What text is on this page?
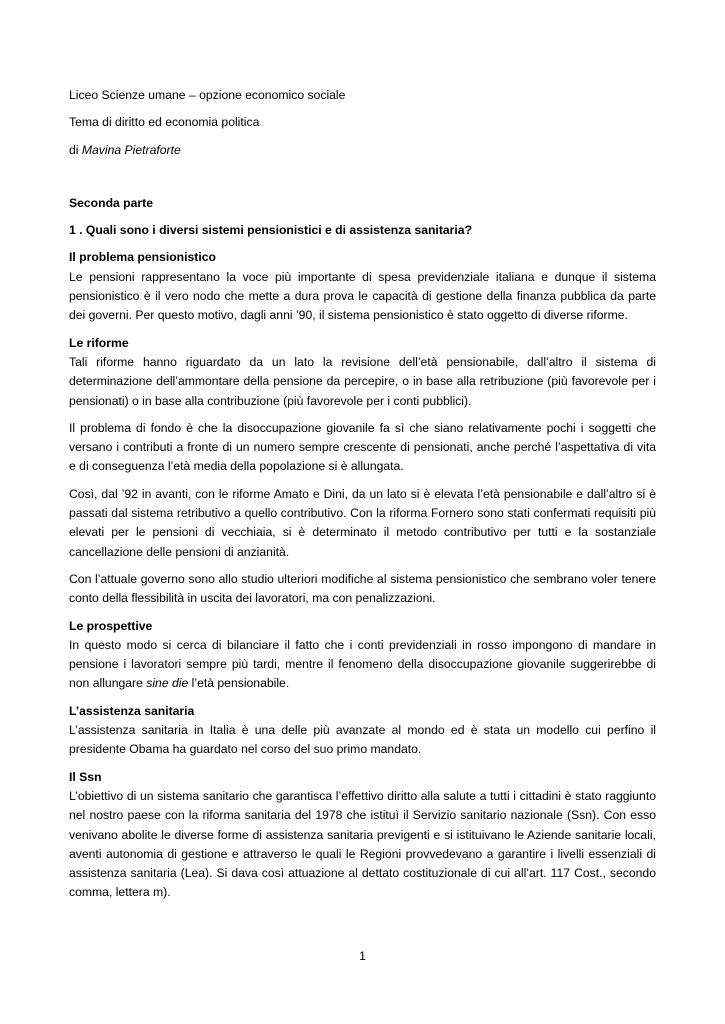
Liceo Scienze umane – opzione economico sociale
Tema di diritto ed economia politica
di Mavina Pietraforte
Seconda parte
1 . Quali sono i diversi sistemi pensionistici e di assistenza sanitaria?
Il problema pensionistico

Le pensioni rappresentano la voce più importante di spesa previdenziale italiana e dunque il sistema pensionistico è il vero nodo che mette a dura prova le capacità di gestione della finanza pubblica da parte dei governi. Per questo motivo, dagli anni ’90, il sistema pensionistico è stato oggetto di diverse riforme.

Le riforme

Tali riforme hanno riguardato da un lato la revisione dell’età pensionabile, dall’altro il sistema di determinazione dell’ammontare della pensione da percepire, o in base alla retribuzione (più favorevole per i pensionati) o in base alla contribuzione (più favorevole per i conti pubblici).

Il problema di fondo è che la disoccupazione giovanile fa sì che siano relativamente pochi i soggetti che versano i contributi a fronte di un numero sempre crescente di pensionati, anche perché l’aspettativa di vita e di conseguenza l’età media della popolazione si è allungata.

Così, dal ’92 in avanti, con le riforme Amato e Dini, da un lato si è elevata l’età pensionabile e dall’altro si è passati dal sistema retributivo a quello contributivo. Con la riforma Fornero sono stati confermati requisiti più elevati per le pensioni di vecchiaia, si è determinato il metodo contributivo per tutti e la sostanziale cancellazione delle pensioni di anzianità.

Con l’attuale governo sono allo studio ulteriori modifiche al sistema pensionistico che sembrano voler tenere conto della flessibilità in uscita dei lavoratori, ma con penalizzazioni.

Le prospettive

In questo modo si cerca di bilanciare il fatto che i conti previdenziali in rosso impongono di mandare in pensione i lavoratori sempre più tardi, mentre il fenomeno della disoccupazione giovanile suggerirebbe di non allungare sine die l’età pensionabile.

L’assistenza sanitaria

L’assistenza sanitaria in Italia è una delle più avanzate al mondo ed è stata un modello cui perfino il presidente Obama ha guardato nel corso del suo primo mandato.

Il Ssn

L’obiettivo di un sistema sanitario che garantisca l’effettivo diritto alla salute a tutti i cittadini è stato raggiunto nel nostro paese con la riforma sanitaria del 1978 che istituì il Servizio sanitario nazionale (Ssn). Con esso venivano abolite le diverse forme di assistenza sanitaria previgenti e si istituivano le Aziende sanitarie locali, aventi autonomia di gestione e attraverso le quali le Regioni provvedevano a garantire i livelli essenziali di assistenza sanitaria (Lea). Si dava così attuazione al dettato costituzionale di cui all’art. 117 Cost., secondo comma, lettera m).

1
